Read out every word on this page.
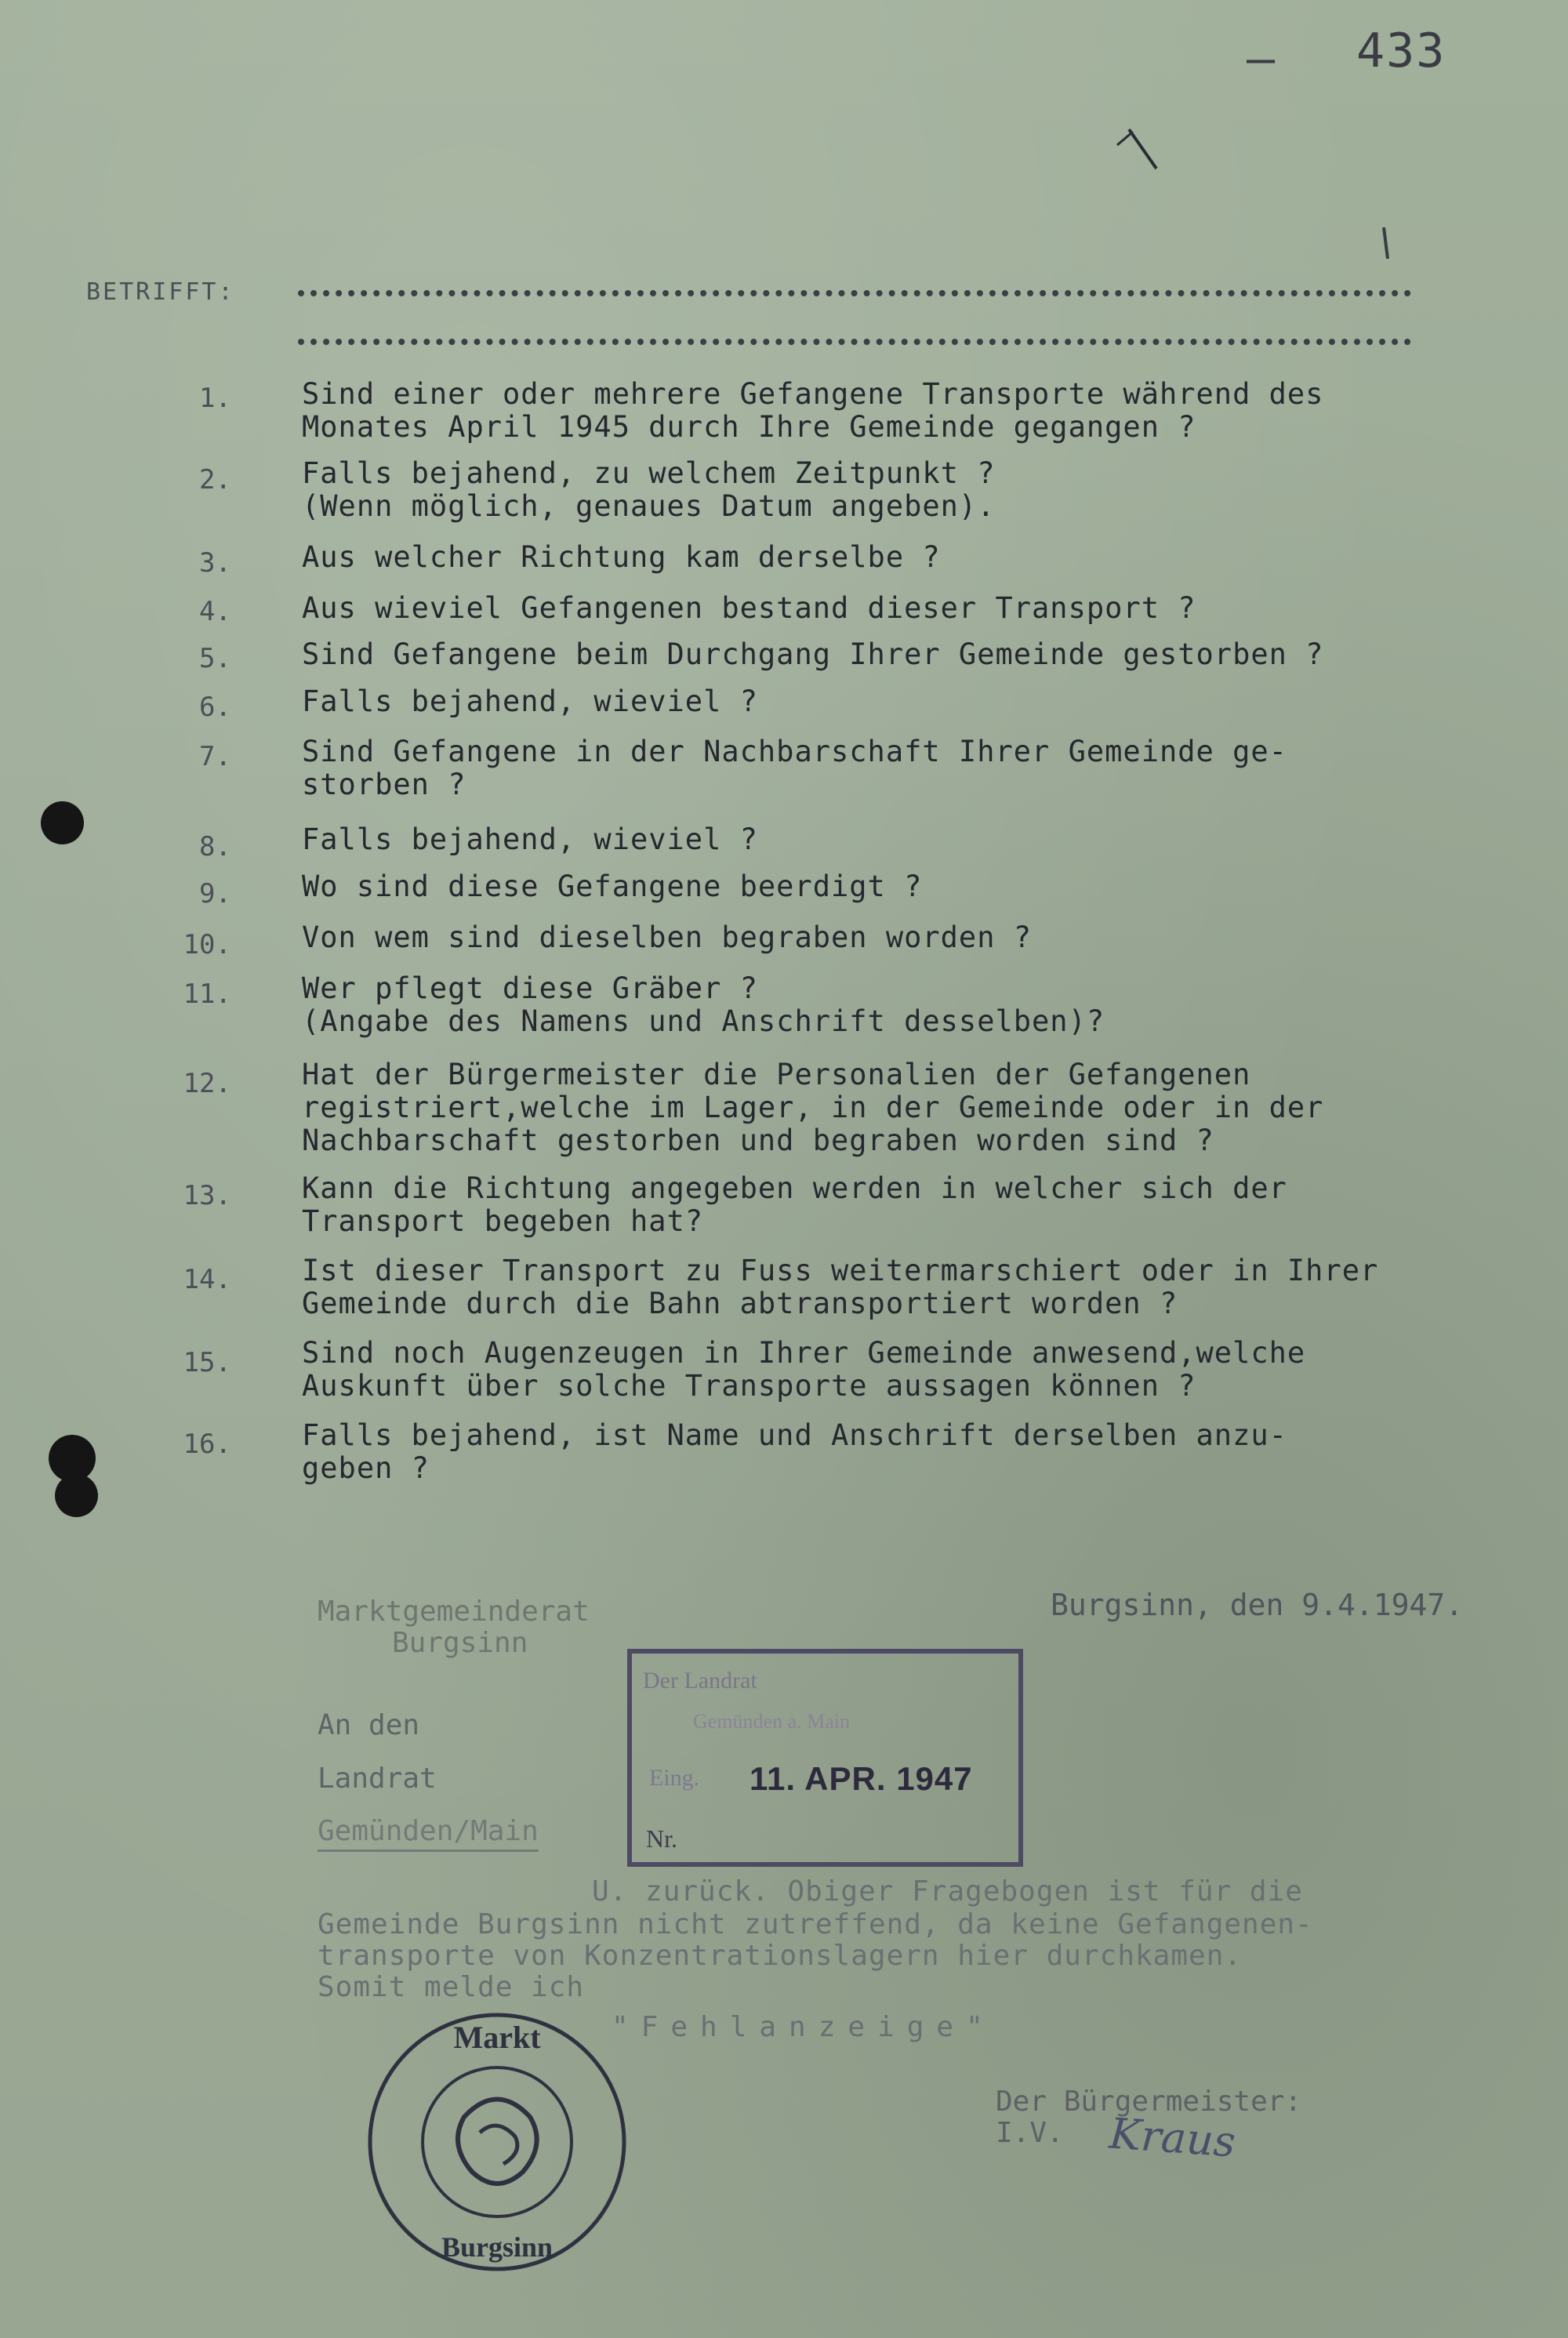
– 433
BETRIFFT:
1. Sind einer oder mehrere Gefangene Transporte während des
Monates April 1945 durch Ihre Gemeinde gegangen ?
2. Falls bejahend, zu welchem Zeitpunkt ?
(Wenn möglich, genaues Datum angeben).
3. Aus welcher Richtung kam derselbe ?
4. Aus wieviel Gefangenen bestand dieser Transport ?
5. Sind Gefangene beim Durchgang Ihrer Gemeinde gestorben ?
6. Falls bejahend, wieviel ?
7. Sind Gefangene in der Nachbarschaft Ihrer Gemeinde ge-
storben ?
8. Falls bejahend, wieviel ?
9. Wo sind diese Gefangene beerdigt ?
10. Von wem sind dieselben begraben worden ?
11. Wer pflegt diese Gräber ?
(Angabe des Namens und Anschrift desselben)?
12. Hat der Bürgermeister die Personalien der Gefangenen
registriert,welche im Lager, in der Gemeinde oder in der
Nachbarschaft gestorben und begraben worden sind ?
13. Kann die Richtung angegeben werden in welcher sich der
Transport begeben hat?
14. Ist dieser Transport zu Fuss weitermarschiert oder in Ihrer
Gemeinde durch die Bahn abtransportiert worden ?
15. Sind noch Augenzeugen in Ihrer Gemeinde anwesend,welche
Auskunft über solche Transporte aussagen können ?
16. Falls bejahend, ist Name und Anschrift derselben anzu-
geben ?
Marktgemeinderat
Burgsinn
Burgsinn, den 9.4.1947.
An den
Landrat
Gemünden/Main
Der Landrat
Gemünden a. Main
Eing. 11. APR. 1947
Nr.
U. zurück. Obiger Fragebogen ist für die
Gemeinde Burgsinn nicht zutreffend, da keine Gefangenen-
transporte von Konzentrationslagern hier durchkamen.
Somit melde ich
"Fehlanzeige"
Markt
Burgsinn
Der Bürgermeister:
I.V. Kraus
